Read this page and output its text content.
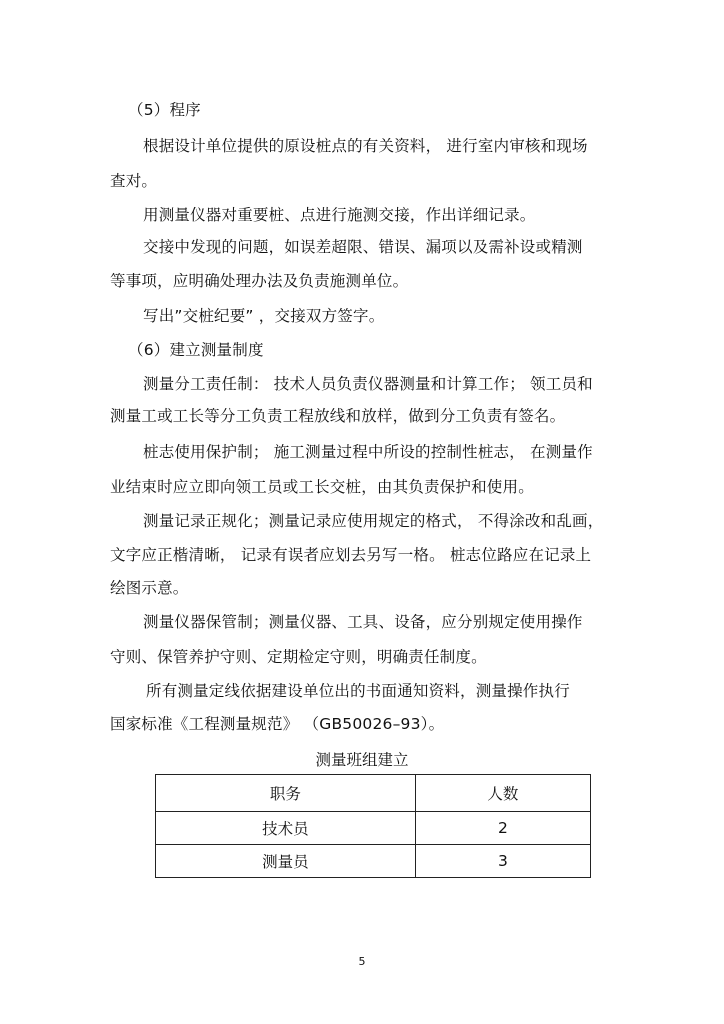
（5）程序
根据设计单位提供的原设桩点的有关资料， 进行室内审核和现场
查对。
用测量仪器对重要桩、点进行施测交接，作出详细记录。
交接中发现的问题，如误差超限、错误、漏项以及需补设或精测
等事项，应明确处理办法及负责施测单位。
写出”交桩纪要” ，交接双方签字。
（6）建立测量制度
测量分工责任制： 技术人员负责仪器测量和计算工作； 领工员和
测量工或工长等分工负责工程放线和放样，做到分工负责有签名。
桩志使用保护制； 施工测量过程中所设的控制性桩志， 在测量作
业结束时应立即向领工员或工长交桩，由其负责保护和使用。
测量记录正规化；测量记录应使用规定的格式， 不得涂改和乱画，
文字应正楷清晰， 记录有误者应划去另写一格。 桩志位路应在记录上
绘图示意。
测量仪器保管制；测量仪器、工具、设备，应分别规定使用操作
守则、保管养护守则、定期检定守则，明确责任制度。
所有测量定线依据建设单位出的书面通知资料，测量操作执行
国家标准《工程测量规范》 （GB50026–93）。
测量班组建立
职务	人数
技术员	2
测量员	3
5
